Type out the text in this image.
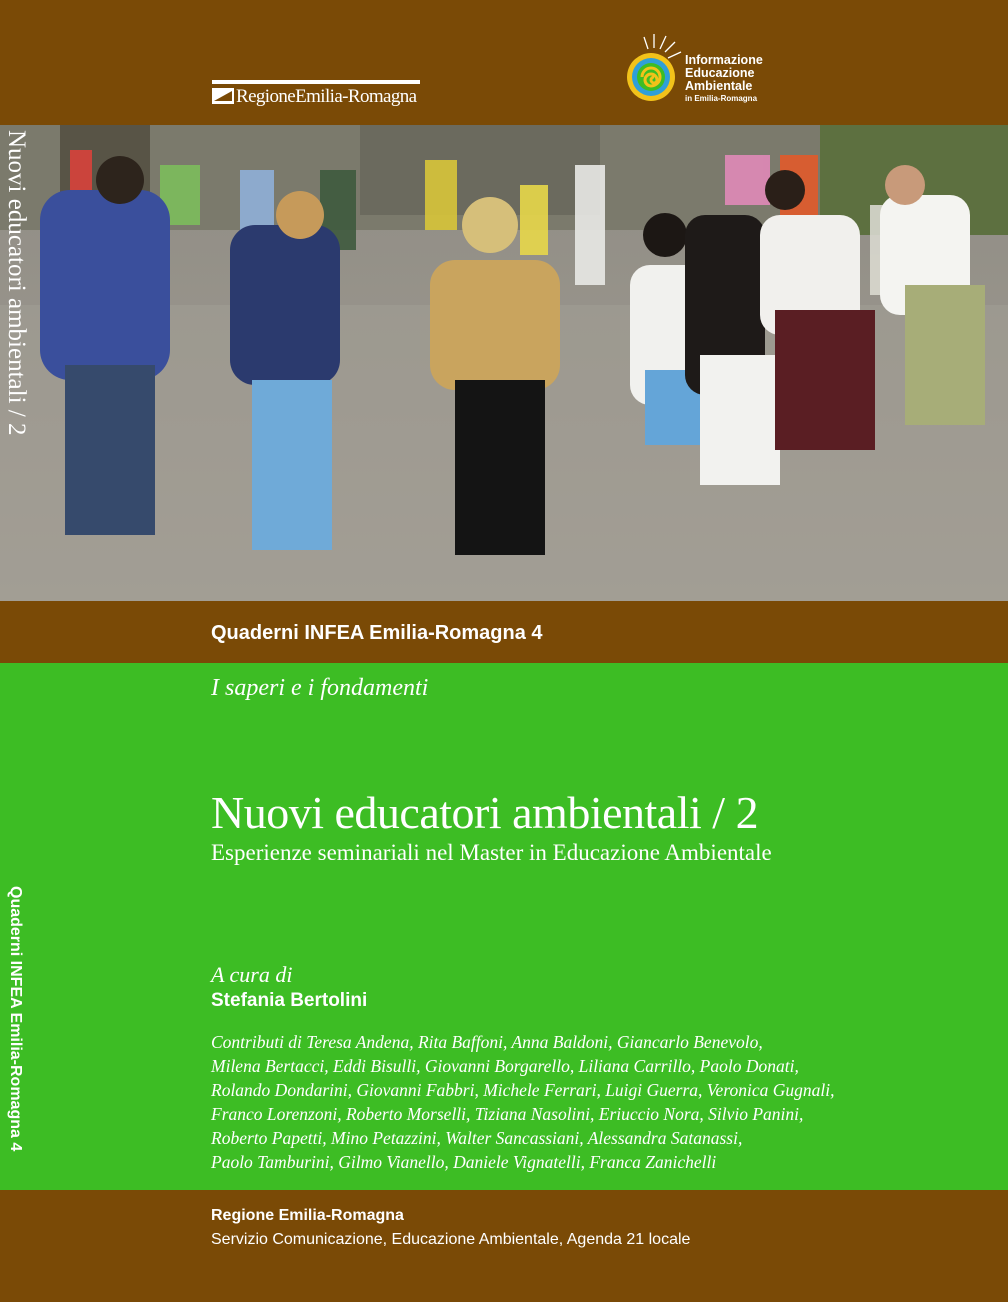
RegioneEmilia-Romagna
Informazione
Educazione
Ambientale
in Emilia-Romagna
Nuovi educatori ambientali / 2
Quaderni INFEA Emilia-Romagna 4
I saperi e i fondamenti
Nuovi educatori ambientali / 2
Esperienze seminariali nel Master in Educazione Ambientale
A cura di
Stefania Bertolini
Contributi di Teresa Andena, Rita Baffoni, Anna Baldoni, Giancarlo Benevolo,
Milena Bertacci, Eddi Bisulli, Giovanni Borgarello, Liliana Carrillo, Paolo Donati,
Rolando Dondarini, Giovanni Fabbri, Michele Ferrari, Luigi Guerra, Veronica Gugnali,
Franco Lorenzoni, Roberto Morselli, Tiziana Nasolini, Eriuccio Nora, Silvio Panini,
Roberto Papetti, Mino Petazzini, Walter Sancassiani, Alessandra Satanassi,
Paolo Tamburini, Gilmo Vianello, Daniele Vignatelli, Franca Zanichelli
Quaderni INFEA Emilia-Romagna 4
Regione Emilia-Romagna
Servizio Comunicazione, Educazione Ambientale, Agenda 21 locale
